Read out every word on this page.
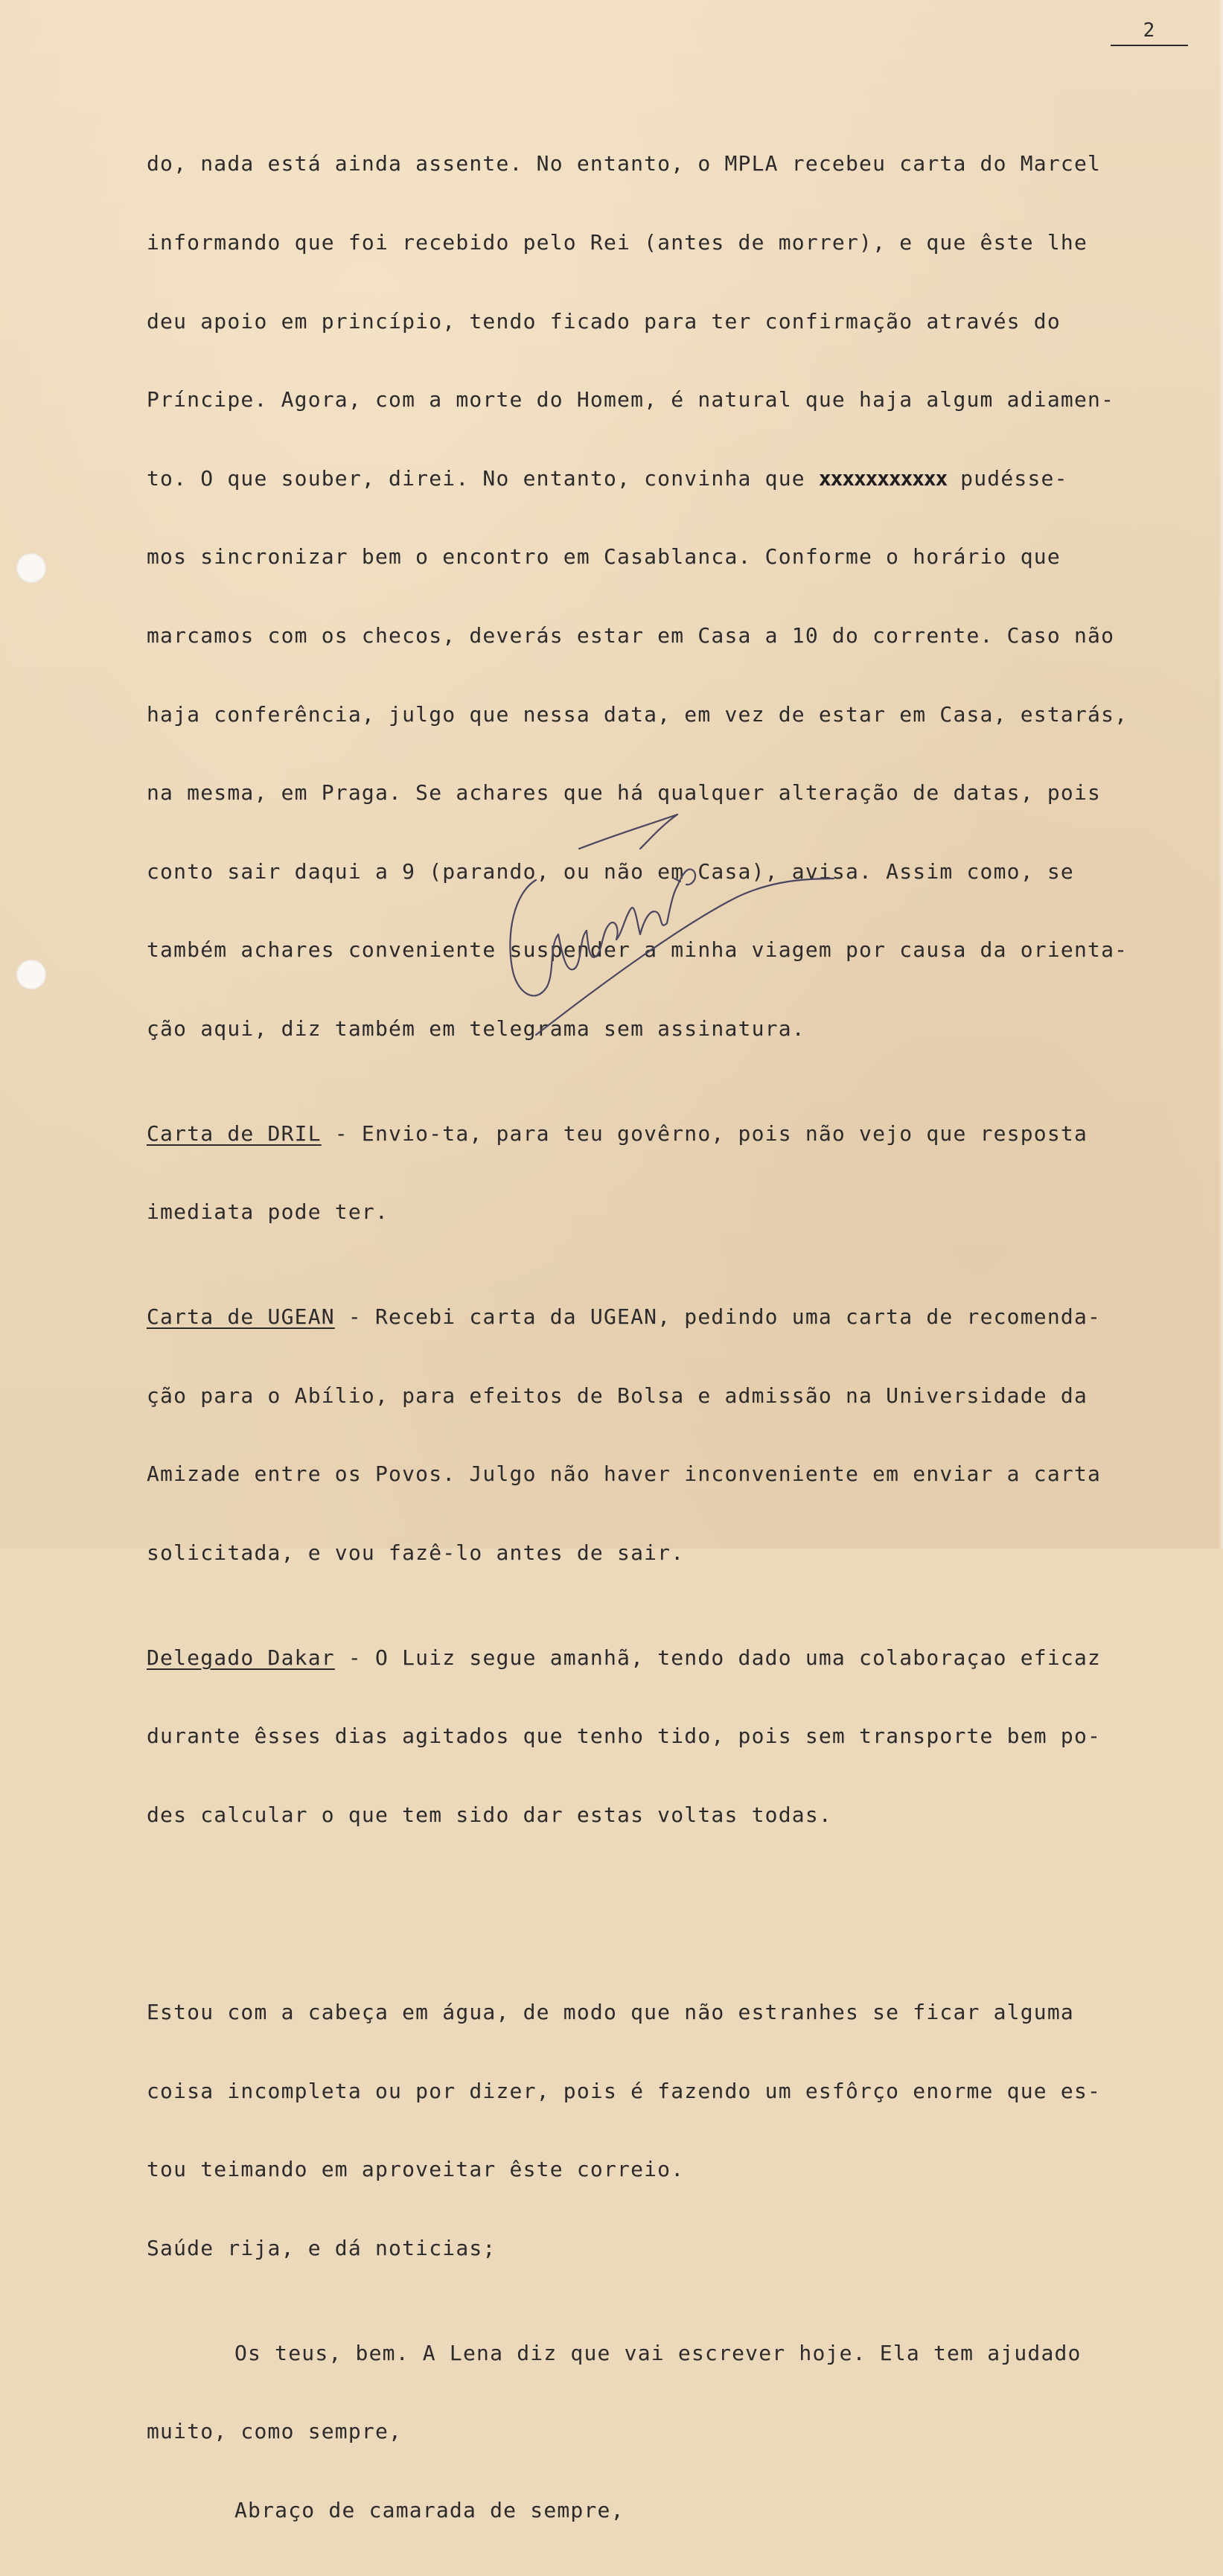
2

do, nada está ainda assente. No entanto, o MPLA recebeu carta do Marcel

informando que foi recebido pelo Rei (antes de morrer), e que êste lhe

deu apoio em princípio, tendo ficado para ter confirmação através do

Príncipe. Agora, com a morte do Homem, é natural que haja algum adiamen-

to. O que souber, direi. No entanto, convinha que xxxxxxxxxxx pudésse-

mos sincronizar bem o encontro em Casablanca. Conforme o horário que

marcamos com os checos, deverás estar em Casa a 10 do corrente. Caso não

haja conferência, julgo que nessa data, em vez de estar em Casa, estarás,

na mesma, em Praga. Se achares que há qualquer alteração de datas, pois

conto sair daqui a 9 (parando, ou não em Casa), avisa. Assim como, se

também achares conveniente suspender a minha viagem por causa da orienta-

ção aqui, diz também em telegrama sem assinatura.

Carta de DRIL - Envio-ta, para teu govêrno, pois não vejo que resposta

imediata pode ter.

Carta de UGEAN - Recebi carta da UGEAN, pedindo uma carta de recomenda-

ção para o Abílio, para efeitos de Bolsa e admissão na Universidade da

Amizade entre os Povos. Julgo não haver inconveniente em enviar a carta

solicitada, e vou fazê-lo antes de sair.

Delegado Dakar - O Luiz segue amanhã, tendo dado uma colaboraçao eficaz

durante êsses dias agitados que tenho tido, pois sem transporte bem po-

des calcular o que tem sido dar estas voltas todas.

Estou com a cabeça em água, de modo que não estranhes se ficar alguma

coisa incompleta ou por dizer, pois é fazendo um esfôrço enorme que es-

tou teimando em aproveitar êste correio.

Saúde rija, e dá noticias;

Os teus, bem. A Lena diz que vai escrever hoje. Ela tem ajudado

muito, como sempre,

Abraço de camarada de sempre,
